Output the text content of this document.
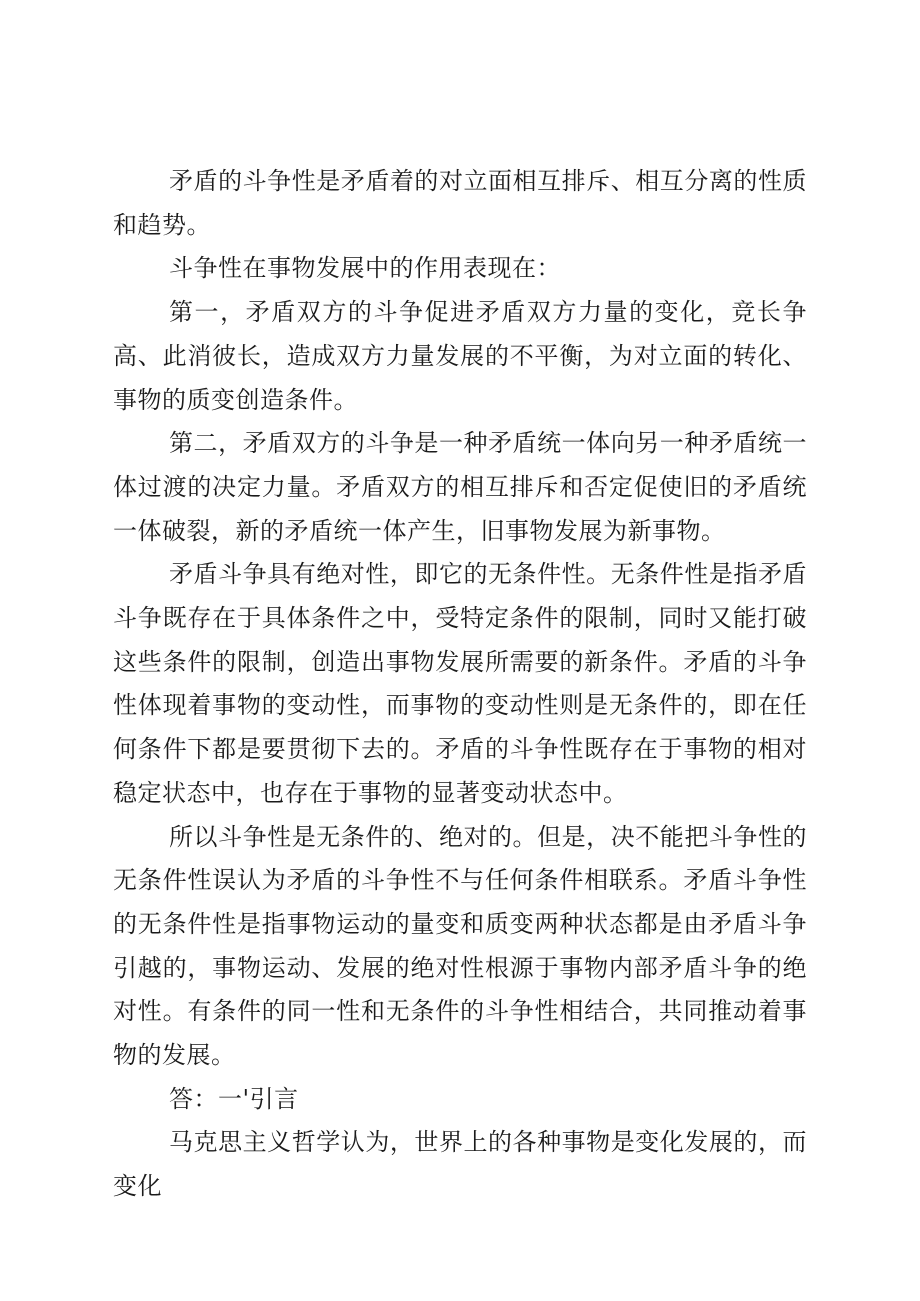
矛盾的斗争性是矛盾着的对立面相互排斥、相互分离的性质和趋势。

斗争性在事物发展中的作用表现在：

第一，矛盾双方的斗争促进矛盾双方力量的变化，竞长争高、此消彼长，造成双方力量发展的不平衡，为对立面的转化、事物的质变创造条件。

第二，矛盾双方的斗争是一种矛盾统一体向另一种矛盾统一体过渡的决定力量。矛盾双方的相互排斥和否定促使旧的矛盾统一体破裂，新的矛盾统一体产生，旧事物发展为新事物。

矛盾斗争具有绝对性，即它的无条件性。无条件性是指矛盾斗争既存在于具体条件之中，受特定条件的限制，同时又能打破这些条件的限制，创造出事物发展所需要的新条件。矛盾的斗争性体现着事物的变动性，而事物的变动性则是无条件的，即在任何条件下都是要贯彻下去的。矛盾的斗争性既存在于事物的相对稳定状态中，也存在于事物的显著变动状态中。

所以斗争性是无条件的、绝对的。但是，决不能把斗争性的无条件性误认为矛盾的斗争性不与任何条件相联系。矛盾斗争性的无条件性是指事物运动的量变和质变两种状态都是由矛盾斗争引越的，事物运动、发展的绝对性根源于事物内部矛盾斗争的绝对性。有条件的同一性和无条件的斗争性相结合，共同推动着事物的发展。

答：一'引言

马克思主义哲学认为，世界上的各种事物是变化发展的，而变化
